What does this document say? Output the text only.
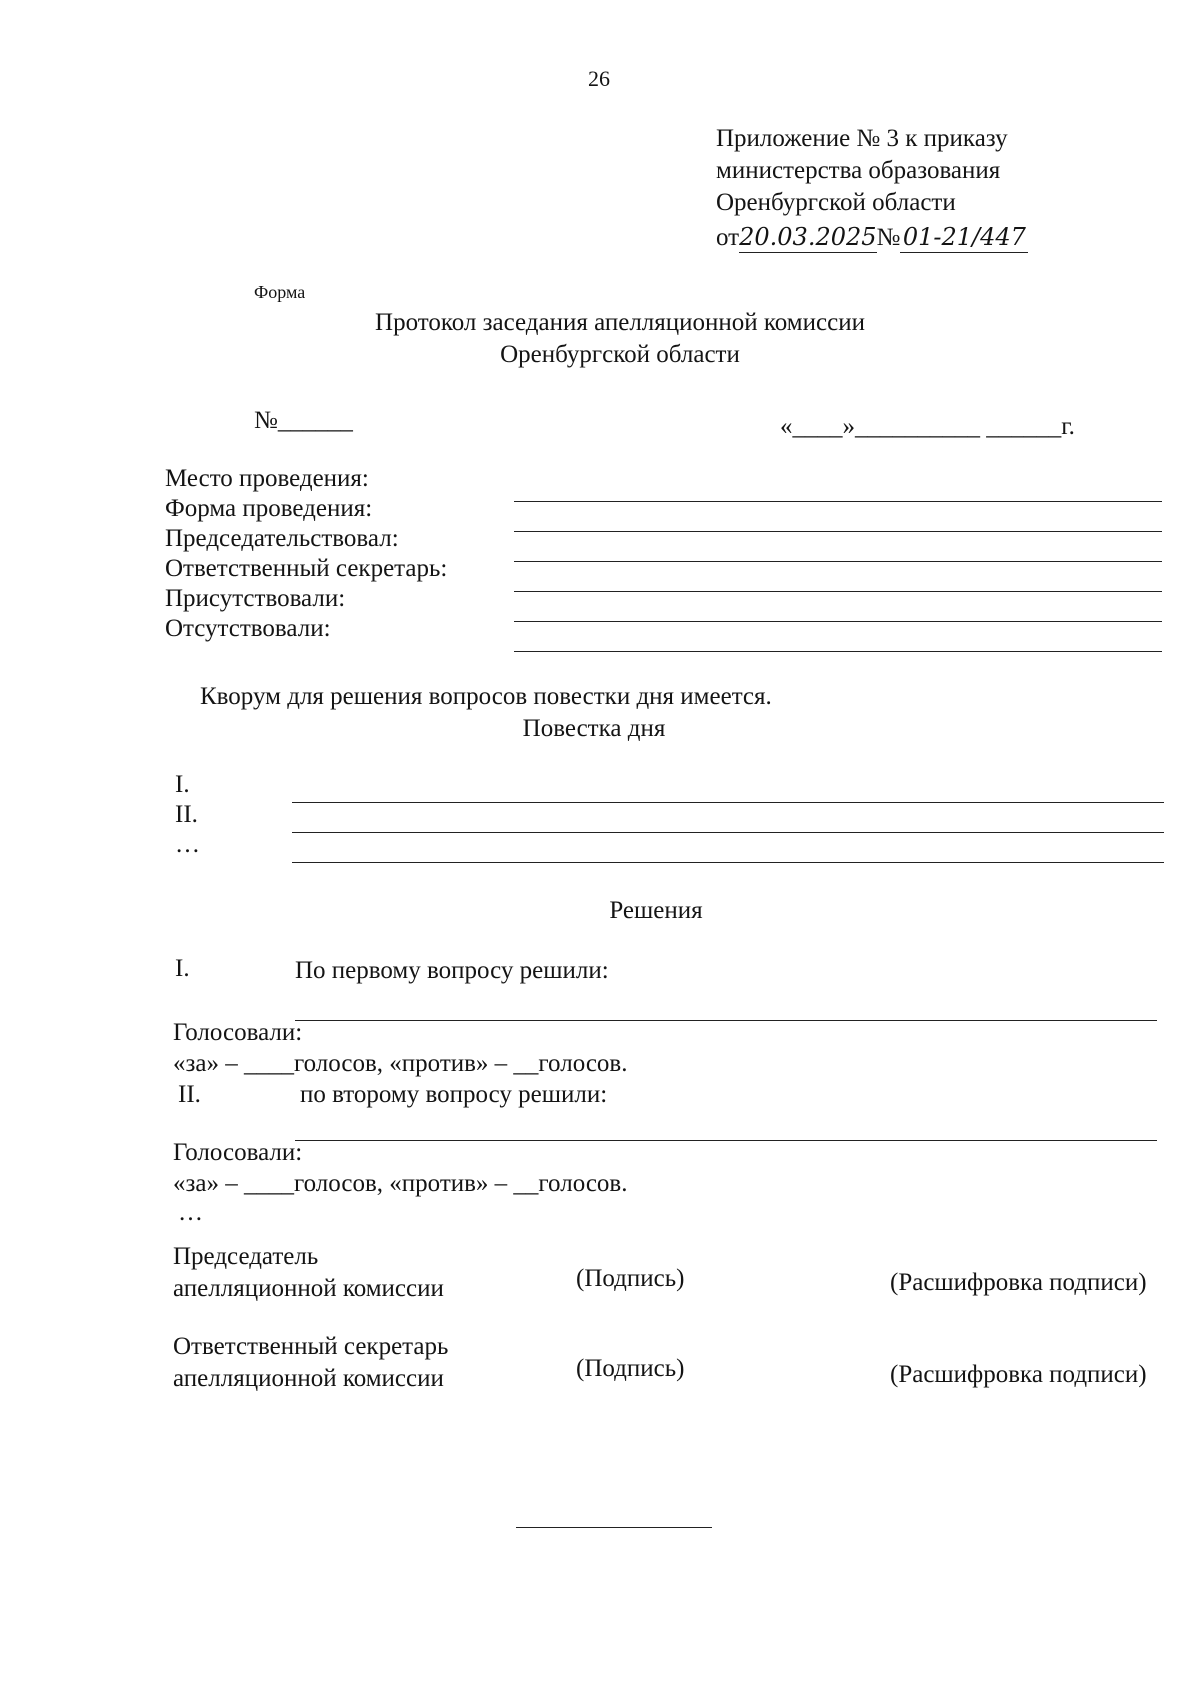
26
Приложение № 3 к приказу
министерства образования
Оренбургской области
от20.03.2025№ 01-21/447
Форма
Протокол заседания апелляционной комиссии
Оренбургской области
№______	«____»__________ ______г.
Место проведения:
Форма проведения:
Председательствовал:
Ответственный секретарь:
Присутствовали:
Отсутствовали:
Кворум для решения вопросов повестки дня имеется.
Повестка дня
I.
II.
…
Решения
I.	По первому вопросу решили:
Голосовали:
«за» – ____голосов, «против» – __голосов.
II.	по второму вопросу решили:
Голосовали:
«за» – ____голосов, «против» – __голосов.
…
Председатель
апелляционной комиссии	(Подпись)	(Расшифровка подписи)
Ответственный секретарь
апелляционной комиссии	(Подпись)	(Расшифровка подписи)
